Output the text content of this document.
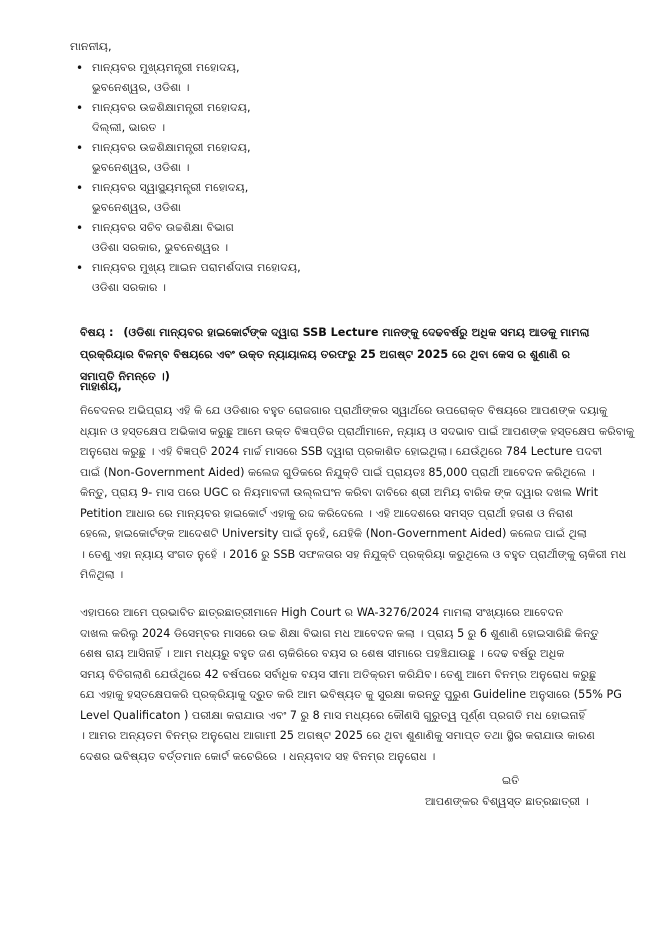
ମାନନୀୟ,
• ମାନ୍ୟବର ମୁଖ୍ୟମନ୍ତ୍ରୀ ମହୋଦୟ,
ଭୁବନେଶ୍ୱର, ଓଡିଶା ।
• ମାନ୍ୟବର ଉଚ୍ଚଶିକ୍ଷାମନ୍ତ୍ରୀ ମହୋଦୟ,
ଦିଲ୍ଲୀ, ଭାରତ ।
• ମାନ୍ୟବର ଉଚ୍ଚଶିକ୍ଷାମନ୍ତ୍ରୀ ମହୋଦୟ,
ଭୁବନେଶ୍ୱର, ଓଡିଶା ।
• ମାନ୍ୟବର ସ୍ୱାସ୍ଥ୍ୟମନ୍ତ୍ରୀ ମହୋଦୟ,
ଭୁବନେଶ୍ୱର, ଓଡିଶା
• ମାନ୍ୟବର ସଚିବ ଉଚ୍ଚଶିକ୍ଷା ବିଭାଗ
ଓଡିଶା ସରକାର, ଭୁବନେଶ୍ୱର ।
• ମାନ୍ୟବର ମୁଖ୍ୟ ଆଇନ ପରାମର୍ଶଦାତା ମହୋଦୟ,
ଓଡିଶା ସରକାର ।
ବିଷୟ : (ଓଡିଶା ମାନ୍ୟବର ହାଇକୋର୍ଟଙ୍କ ଦ୍ୱାରା SSB Lecture ମାନଙ୍କୁ ଦେଢବର୍ଷରୁ ଅଧିକ ସମୟ ଆଡକୁ ମାମଲା ପ୍ରକ୍ରିୟାର ବିଳମ୍ବ ବିଷୟରେ ଏବଂ ଉକ୍ତ ନ୍ୟାୟାଳୟ ତରଫରୁ 25 ଅଗଷ୍ଟ 2025 ରେ ଥିବା କେସ ର ଶୁଣାଣି ର ସମାପ୍ତି ନିମନ୍ତେ ।)
ମାହାଶୟ,
ନିବେଦନର ଅଭିପ୍ରାୟ ଏହି କି ଯେ ଓଡିଶାର ବହୁତ ରୋଜଗାର ପ୍ରାର୍ଥୀଙ୍କର ସ୍ୱାର୍ଥରେ ଉପରୋକ୍ତ ବିଷୟରେ ଆପଣଙ୍କ ଦୟାକୁ
ଧ୍ୟାନ ଓ ହସ୍ତକ୍ଷେପ ଅଭିକାସ କରୁଛୁ ଆମେ ଉକ୍ତ ବିଜ୍ଞପ୍ତିର ପ୍ରାର୍ଥୀମାନେ, ନ୍ୟାୟ ଓ ସଦଭାବ ପାଇଁ ଆପଣଙ୍କ ହସ୍ତକ୍ଷେପ କରିବାକୁ
ଅନୁରୋଧ କରୁଛୁ । ଏହି ବିଜ୍ଞପ୍ତି 2024 ମାର୍ଚ୍ଚ ମାସରେ SSB ଦ୍ୱାରା ପ୍ରକାଶିତ ହୋଇଥିଲା। ଯେଉଁଥିରେ 784 Lecture ପଦବୀ
ପାଇଁ (Non-Government Aided) କଲେଜ ଗୁଡିକରେ ନିଯୁକ୍ତି ପାଇଁ ପ୍ରାୟତଃ 85,000 ପ୍ରାର୍ଥୀ ଆବେଦନ କରିଥିଲେ ।
କିନ୍ତୁ, ପ୍ରାୟ 9- ମାସ ପରେ UGC ର ନିୟମାବଳୀ ଉଲ୍ଲଘଂନ କରିବା ଦାବିରେ ଶ୍ରୀ ଅମିୟ ବାରିକ ଙ୍କ ଦ୍ୱାର ଦଖଲ Writ
Petition ଆଧାର ରେ ମାନ୍ୟବର ହାଇକୋର୍ଟ ଏହାକୁ ରଦ୍ଦ କରିଦେଲେ । ଏହି ଆଦେଶରେ ସମସ୍ତ ପ୍ରାର୍ଥୀ ହତାଶ ଓ ନିରାଶ
ହେଲେ, ହାଇକୋର୍ଟଙ୍କ ଆଦେଶଟି University ପାଇଁ ନୁହେଁ, ଯେହିକି (Non-Government Aided) କଲେଜ ପାଇଁ ଥିଲା
। ତେଣୁ ଏହା ନ୍ୟାୟ ସଂଗତ ନୁହେଁ । 2016 ରୁ SSB ସଫଳତାର ସହ ନିଯୁକ୍ତି ପ୍ରକ୍ରିୟା କରୁଥିଲେ ଓ ବହୁତ ପ୍ରାର୍ଥୀଙ୍କୁ ଚାକିରୀ ମଧ
ମିଳିଥିଲା ।
ଏହାପରେ ଆମେ ପ୍ରଭାବିତ ଛାତ୍ରଛାତ୍ରୀମାନେ High Court ର WA-3276/2024 ମାମଲା ସଂଖ୍ୟାରେ ଆବେଦନ
ଦାଖଲ କରିଲୁ 2024 ଡିସେମ୍ବର ମାସରେ ଉଚ୍ଚ ଶିକ୍ଷା ବିଭାଗ ମଧ ଆବେଦନ କଲା । ପ୍ରାୟ 5 ରୁ 6 ଶୁଣାଣି ହୋଇସାରିଛି କିନ୍ତୁ
ଶେଷ ରାୟ ଆସିନାହିଁ । ଆମ ମଧ୍ୟରୁ ବହୁତ ଜଣ ଚାକିରିରେ ବୟସ ର ଶେଷ ସୀମାରେ ପହଞ୍ଚିଯାଉଛୁ । ଦେଢ ବର୍ଷରୁ ଅଧିକ
ସମୟ ବିତିଗଲାଣି ଯେଉଁଥିରେ 42 ବର୍ଷପରେ ସର୍ବାଧିକ ବୟସ ସୀମା ଅତିକ୍ରମ କରିଯିବ। ତେଣୁ ଆମେ ବିନମ୍ର ଅନୁରୋଧ କରୁଛୁ
ଯେ ଏହାକୁ ହସ୍ତକ୍ଷେପକରି ପ୍ରକ୍ରିୟାକୁ ଦ୍ରୁତ କରି ଆମ ଭବିଷ୍ୟତ କୁ ସୁରକ୍ଷା କରନ୍ତୁ ପୁରୁଣ Guideline ଅନୁସାରେ (55% PG
Level Qualificaton ) ପରୀକ୍ଷା କରାଯାଉ ଏବଂ 7 ରୁ 8 ମାସ ମଧ୍ୟରେ କୌଣସି ଗୁରୁତ୍ୱ ପୂର୍ଣ୍ଣ ପ୍ରଗତି ମଧ ହୋଇନାହିଁ
। ଆମର ଅନ୍ୟତମ ବିନମ୍ର ଅନୁରୋଧ ଆଗାମୀ 25 ଅଗଷ୍ଟ 2025 ରେ ଥିବା ଶୁଣାଣିକୁ ସମାପ୍ତ ତଥା ସ୍ଥିର କରାଯାଉ କାରଣ
ଦେଶର ଭବିଷ୍ୟତ ବର୍ତ୍ତମାନ କୋର୍ଟ କଚେରିରେ । ଧନ୍ୟବାଦ ସହ ବିନମ୍ର ଅନୁରୋଧ ।
ଇତି
ଆପଣଙ୍କର ବିଶ୍ୱସ୍ତ ଛାତ୍ରଛାତ୍ରୀ ।
